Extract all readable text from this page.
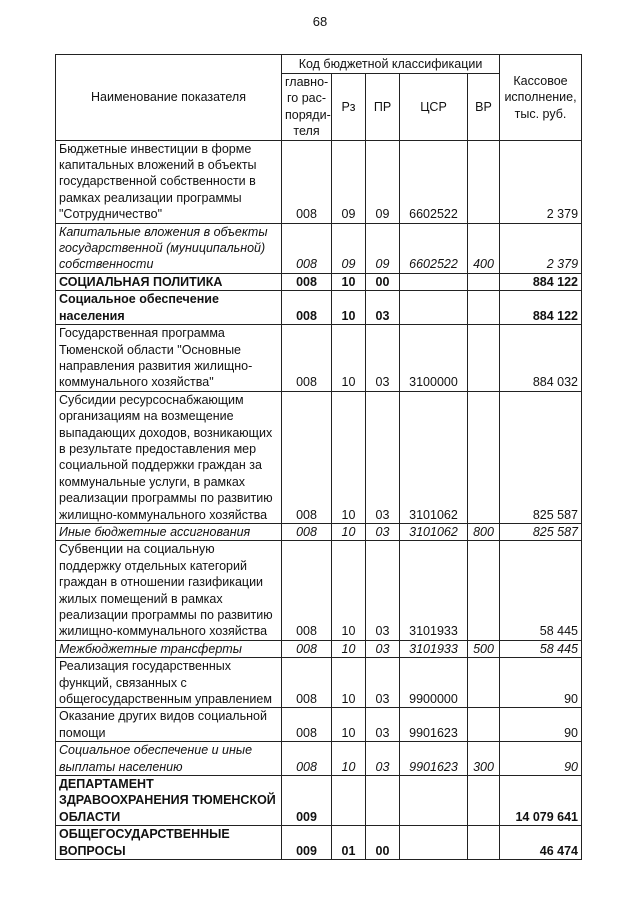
68
Наименование показателя	Код бюджетной классификации					Кассовое исполнение, тыс. руб.
	главно-го рас-поряди-теля	Рз	ПР	ЦСР	ВР	
Бюджетные инвестиции в форме капитальных вложений в объекты государственной собственности в рамках реализации программы "Сотрудничество"	008	09	09	6602522		2 379
Капитальные вложения в объекты государственной (муниципальной) собственности	008	09	09	6602522	400	2 379
СОЦИАЛЬНАЯ ПОЛИТИКА	008	10	00			884 122
Социальное обеспечение населения	008	10	03			884 122
Государственная программа Тюменской области "Основные направления развития жилищно-коммунального хозяйства"	008	10	03	3100000		884 032
Субсидии ресурсоснабжающим организациям на возмещение выпадающих доходов, возникающих в результате предоставления мер социальной поддержки граждан за коммунальные услуги, в рамках реализации программы по развитию жилищно-коммунального хозяйства	008	10	03	3101062		825 587
Иные бюджетные ассигнования	008	10	03	3101062	800	825 587
Субвенции на социальную поддержку отдельных категорий граждан в отношении газификации жилых помещений в рамках реализации программы по развитию жилищно-коммунального хозяйства	008	10	03	3101933		58 445
Межбюджетные трансферты	008	10	03	3101933	500	58 445
Реализация государственных функций, связанных с общегосударственным управлением	008	10	03	9900000		90
Оказание других видов социальной помощи	008	10	03	9901623		90
Социальное обеспечение и иные выплаты населению	008	10	03	9901623	300	90
ДЕПАРТАМЕНТ ЗДРАВООХРАНЕНИЯ ТЮМЕНСКОЙ ОБЛАСТИ	009					14 079 641
ОБЩЕГОСУДАРСТВЕННЫЕ ВОПРОСЫ	009	01	00			46 474
